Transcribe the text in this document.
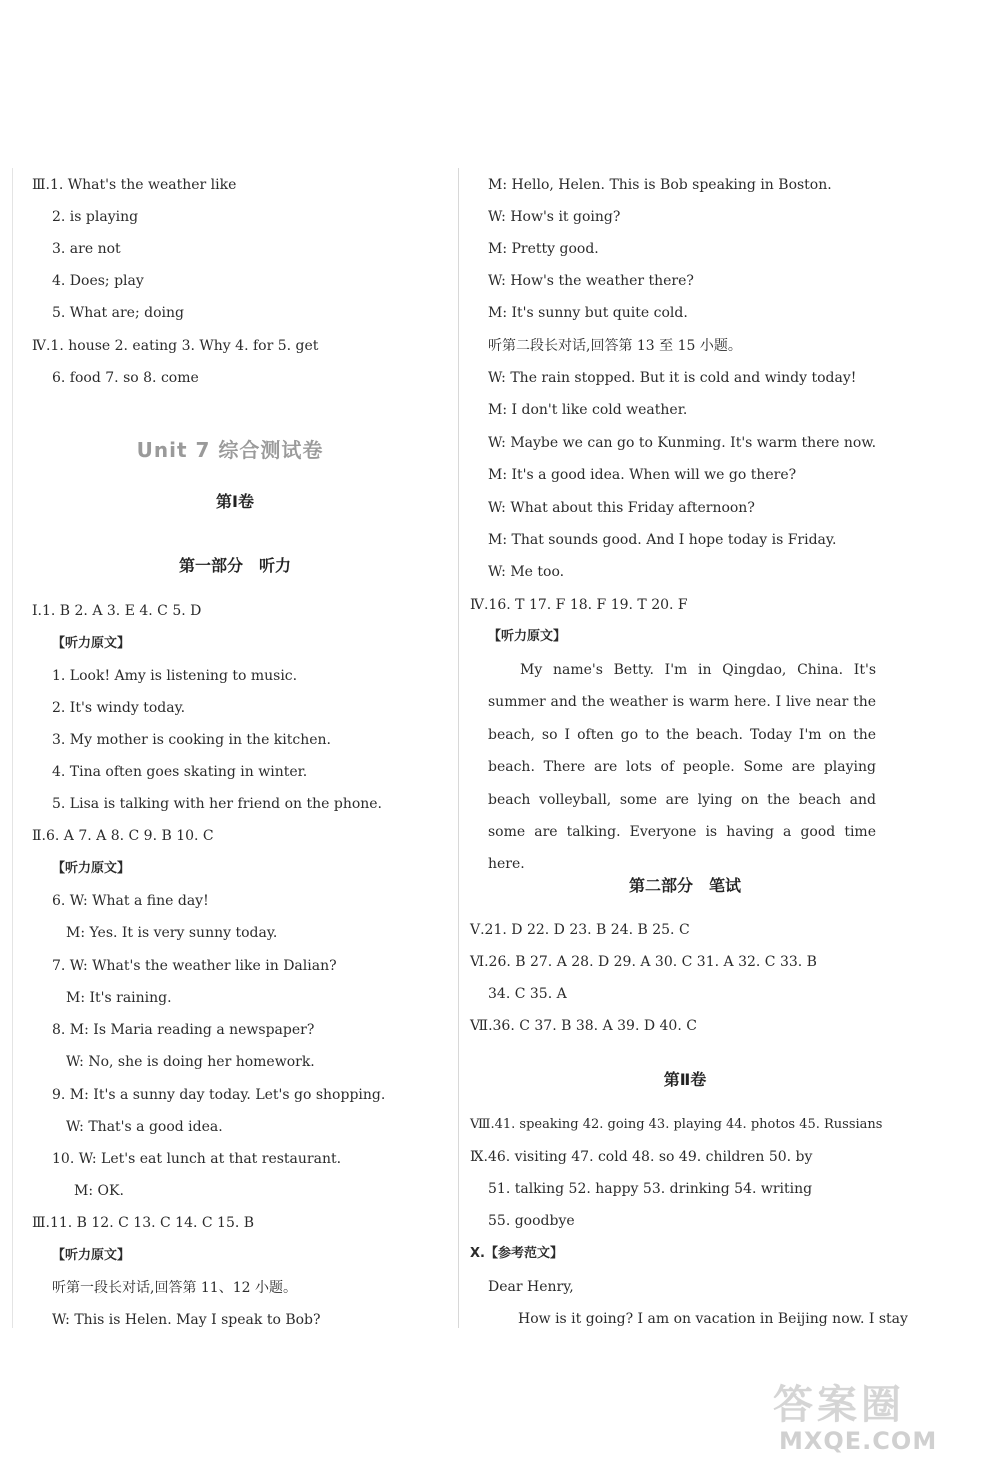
Ⅲ.1. What's the weather like
2. is playing
3. are not
4. Does; play
5. What are; doing
Ⅳ.1. house 2. eating 3. Why 4. for 5. get
6. food 7. so 8. come
Unit 7 综合测试卷
第Ⅰ卷
第一部分　听力
Ⅰ.1. B 2. A 3. E 4. C 5. D
【听力原文】
1. Look! Amy is listening to music.
2. It's windy today.
3. My mother is cooking in the kitchen.
4. Tina often goes skating in winter.
5. Lisa is talking with her friend on the phone.
Ⅱ.6. A 7. A 8. C 9. B 10. C
【听力原文】
6. W: What a fine day!
M: Yes. It is very sunny today.
7. W: What's the weather like in Dalian?
M: It's raining.
8. M: Is Maria reading a newspaper?
W: No, she is doing her homework.
9. M: It's a sunny day today. Let's go shopping.
W: That's a good idea.
10. W: Let's eat lunch at that restaurant.
M: OK.
Ⅲ.11. B 12. C 13. C 14. C 15. B
【听力原文】
听第一段长对话,回答第 11、12 小题。
W: This is Helen. May I speak to Bob?
M: Hello, Helen. This is Bob speaking in Boston.
W: How's it going?
M: Pretty good.
W: How's the weather there?
M: It's sunny but quite cold.
听第二段长对话,回答第 13 至 15 小题。
W: The rain stopped. But it is cold and windy today!
M: I don't like cold weather.
W: Maybe we can go to Kunming. It's warm there now.
M: It's a good idea. When will we go there?
W: What about this Friday afternoon?
M: That sounds good. And I hope today is Friday.
W: Me too.
Ⅳ.16. T 17. F 18. F 19. T 20. F
【听力原文】
My name's Betty. I'm in Qingdao, China. It's summer and the weather is warm here. I live near the beach, so I often go to the beach. Today I'm on the beach. There are lots of people. Some are playing beach volleyball, some are lying on the beach and some are talking. Everyone is having a good time here.
第二部分　笔试
Ⅴ.21. D 22. D 23. B 24. B 25. C
Ⅵ.26. B 27. A 28. D 29. A 30. C 31. A 32. C 33. B
34. C 35. A
Ⅶ.36. C 37. B 38. A 39. D 40. C
第Ⅱ卷
Ⅷ.41. speaking 42. going 43. playing 44. photos 45. Russians
Ⅸ.46. visiting 47. cold 48. so 49. children 50. by
51. talking 52. happy 53. drinking 54. writing
55. goodbye
Ⅹ.【参考范文】
Dear Henry,
How is it going? I am on vacation in Beijing now. I stay
答案圈
MXQE.COM
